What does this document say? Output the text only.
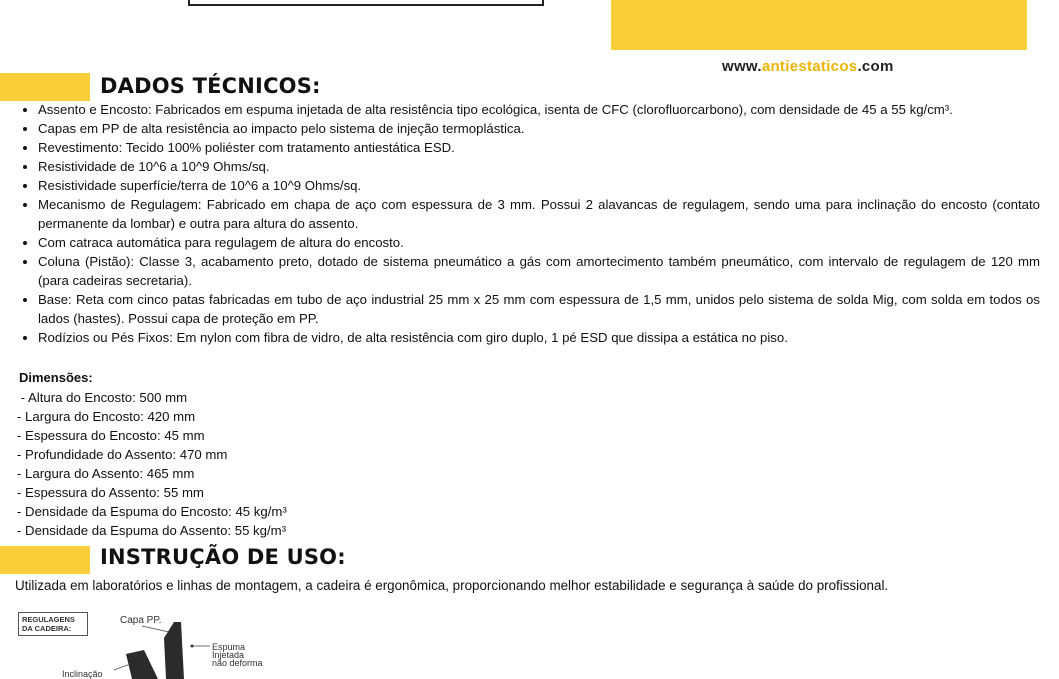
www.antiestaticos.com
DADOS TÉCNICOS:
• Assento e Encosto: Fabricados em espuma injetada de alta resistência tipo ecológica, isenta de CFC (clorofluorcarbono), com densidade de 45 a 55 kg/cm³.
• Capas em PP de alta resistência ao impacto pelo sistema de injeção termoplástica.
• Revestimento: Tecido 100% poliéster com tratamento antiestática ESD.
• Resistividade de 10^6 a 10^9 Ohms/sq.
• Resistividade superfície/terra de 10^6 a 10^9 Ohms/sq.
• Mecanismo de Regulagem: Fabricado em chapa de aço com espessura de 3 mm. Possui 2 alavancas de regulagem, sendo uma para inclinação do encosto (contato permanente da lombar) e outra para altura do assento.
• Com catraca automática para regulagem de altura do encosto.
• Coluna (Pistão): Classe 3, acabamento preto, dotado de sistema pneumático a gás com amortecimento também pneumático, com intervalo de regulagem de 120 mm (para cadeiras secretaria).
• Base: Reta com cinco patas fabricadas em tubo de aço industrial 25 mm x 25 mm com espessura de 1,5 mm, unidos pelo sistema de solda Mig, com solda em todos os lados (hastes). Possui capa de proteção em PP.
• Rodízios ou Pés Fixos: Em nylon com fibra de vidro, de alta resistência com giro duplo, 1 pé ESD que dissipa a estática no piso.
Dimensões:
- Altura do Encosto: 500 mm
- Largura do Encosto: 420 mm
- Espessura do Encosto: 45 mm
- Profundidade do Assento: 470 mm
- Largura do Assento: 465 mm
- Espessura do Assento: 55 mm
- Densidade da Espuma do Encosto: 45 kg/m³
- Densidade da Espuma do Assento: 55 kg/m³
INSTRUÇÃO DE USO:
Utilizada em laboratórios e linhas de montagem, a cadeira é ergonômica, proporcionando melhor estabilidade e segurança à saúde do profissional.
REGULAGENS
DA CADEIRA:
Capa PP.
Espuma
Injetada
não deforma
Inclinação
